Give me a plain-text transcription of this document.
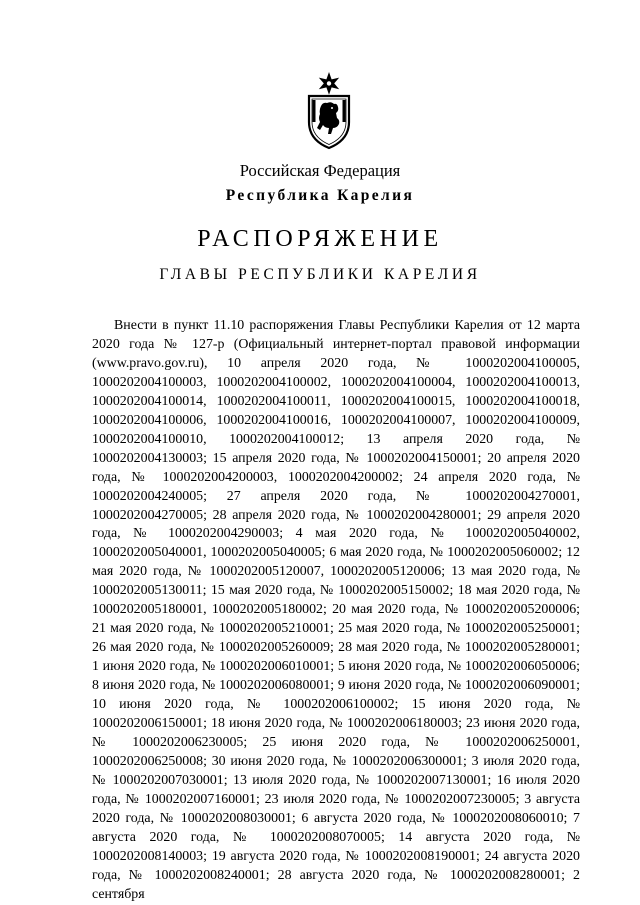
Российская Федерация
Республика Карелия
РАСПОРЯЖЕНИЕ
ГЛАВЫ РЕСПУБЛИКИ КАРЕЛИЯ

Внести в пункт 11.10 распоряжения Главы Республики Карелия от 12 марта 2020 года № 127-р (Официальный интернет-портал правовой информации (www.pravo.gov.ru), 10 апреля 2020 года, № 1000202004100005, 1000202004100003, 1000202004100002, 1000202004100004, 1000202004100013, 1000202004100014, 1000202004100011, 1000202004100015, 1000202004100018, 1000202004100006, 1000202004100016, 1000202004100007, 1000202004100009, 1000202004100010, 1000202004100012; 13 апреля 2020 года, № 1000202004130003; 15 апреля 2020 года, № 1000202004150001; 20 апреля 2020 года, № 1000202004200003, 1000202004200002; 24 апреля 2020 года, № 1000202004240005; 27 апреля 2020 года, № 1000202004270001, 1000202004270005; 28 апреля 2020 года, № 1000202004280001; 29 апреля 2020 года, № 1000202004290003; 4 мая 2020 года, № 1000202005040002, 1000202005040001, 1000202005040005; 6 мая 2020 года, № 1000202005060002; 12 мая 2020 года, № 1000202005120007, 1000202005120006; 13 мая 2020 года, № 1000202005130011; 15 мая 2020 года, № 1000202005150002; 18 мая 2020 года, № 1000202005180001, 1000202005180002; 20 мая 2020 года, № 1000202005200006; 21 мая 2020 года, № 1000202005210001; 25 мая 2020 года, № 1000202005250001; 26 мая 2020 года, № 1000202005260009; 28 мая 2020 года, № 1000202005280001; 1 июня 2020 года, № 1000202006010001; 5 июня 2020 года, № 1000202006050006; 8 июня 2020 года, № 1000202006080001; 9 июня 2020 года, № 1000202006090001; 10 июня 2020 года, № 1000202006100002; 15 июня 2020 года, № 1000202006150001; 18 июня 2020 года, № 1000202006180003; 23 июня 2020 года, № 1000202006230005; 25 июня 2020 года, № 1000202006250001, 1000202006250008; 30 июня 2020 года, № 1000202006300001; 3 июля 2020 года, № 1000202007030001; 13 июля 2020 года, № 1000202007130001; 16 июля 2020 года, № 1000202007160001; 23 июля 2020 года, № 1000202007230005; 3 августа 2020 года, № 1000202008030001; 6 августа 2020 года, № 1000202008060010; 7 августа 2020 года, № 1000202008070005; 14 августа 2020 года, № 1000202008140003; 19 августа 2020 года, № 1000202008190001; 24 августа 2020 года, № 1000202008240001; 28 августа 2020 года, № 1000202008280001; 2 сентября
